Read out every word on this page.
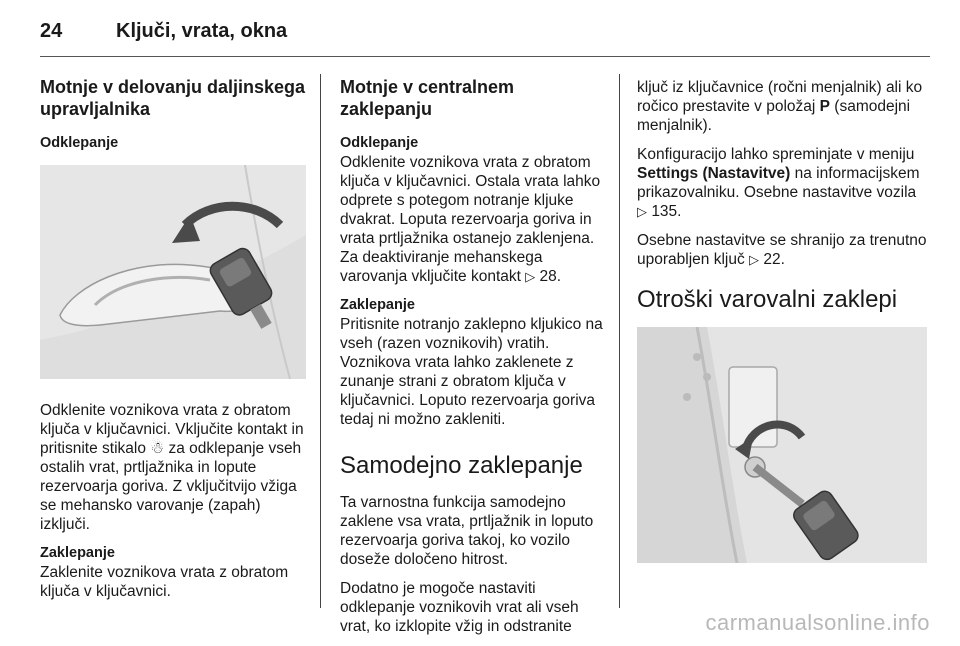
24	Ključi, vrata, okna
Motnje v delovanju daljinskega upravljalnika
Odklepanje

Odklenite voznikova vrata z obratom ključa v ključavnici. Vključite kontakt in pritisnite stikalo ☃ za odklepanje vseh ostalih vrat, prtljažnika in lopute rezervoarja goriva. Z vključitvijo vžiga se mehansko varovanje (zapah) izključi.

Zaklepanje

Zaklenite voznikova vrata z obratom ključa v ključavnici.

Motnje v centralnem zaklepanju
Odklepanje

Odklenite voznikova vrata z obratom ključa v ključavnici. Ostala vrata lahko odprete s potegom notranje kljuke dvakrat. Loputa rezervoarja goriva in vrata prtljažnika ostanejo zaklenjena. Za deaktiviranje mehanskega varovanja vključite kontakt ▷ 28.

Zaklepanje

Pritisnite notranjo zaklepno kljukico na vseh (razen voznikovih) vratih. Voznikova vrata lahko zaklenete z zunanje strani z obratom ključa v ključavnici. Loputo rezervoarja goriva tedaj ni možno zakleniti.

Samodejno zaklepanje

Ta varnostna funkcija samodejno zaklene vsa vrata, prtljažnik in loputo rezervoarja goriva takoj, ko vozilo doseže določeno hitrost.

Dodatno je mogoče nastaviti odklepanje voznikovih vrat ali vseh vrat, ko izklopite vžig in odstranite

ključ iz ključavnice (ročni menjalnik) ali ko ročico prestavite v položaj P (samodejni menjalnik).

Konfiguracijo lahko spreminjate v meniju Settings (Nastavitve) na informacijskem prikazovalniku. Osebne nastavitve vozila ▷ 135.

Osebne nastavitve se shranijo za trenutno uporabljen ključ ▷ 22.

Otroški varovalni zaklepi
carmanualsonline.info
